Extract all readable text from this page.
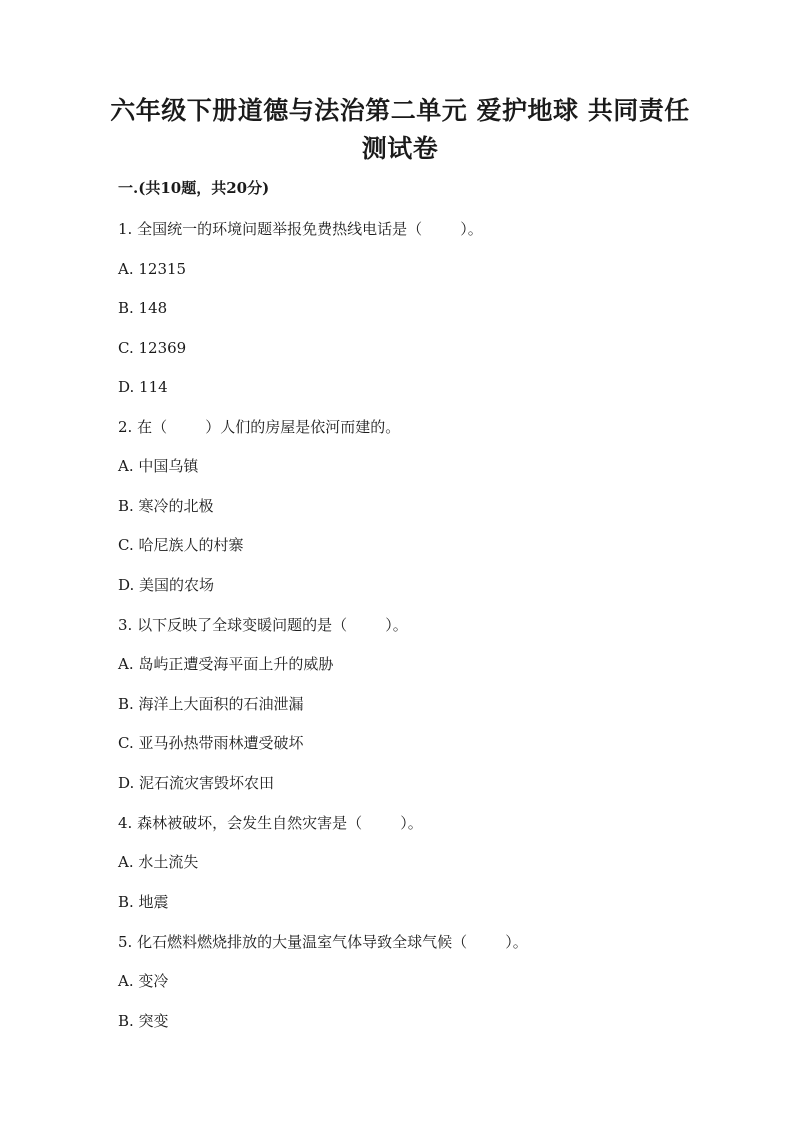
六年级下册道德与法治第二单元 爱护地球 共同责任 测试卷
一.(共10题，共20分)
1. 全国统一的环境问题举报免费热线电话是（        ）。
A. 12315
B. 148
C. 12369
D. 114
2. 在（        ）人们的房屋是依河而建的。
A. 中国乌镇
B. 寒冷的北极
C. 哈尼族人的村寨
D. 美国的农场
3. 以下反映了全球变暖问题的是（        ）。
A. 岛屿正遭受海平面上升的威胁
B. 海洋上大面积的石油泄漏
C. 亚马孙热带雨林遭受破坏
D. 泥石流灾害毁坏农田
4. 森林被破坏，会发生自然灾害是（        ）。
A. 水土流失
B. 地震
5. 化石燃料燃烧排放的大量温室气体导致全球气候（        ）。
A. 变冷
B. 突变
